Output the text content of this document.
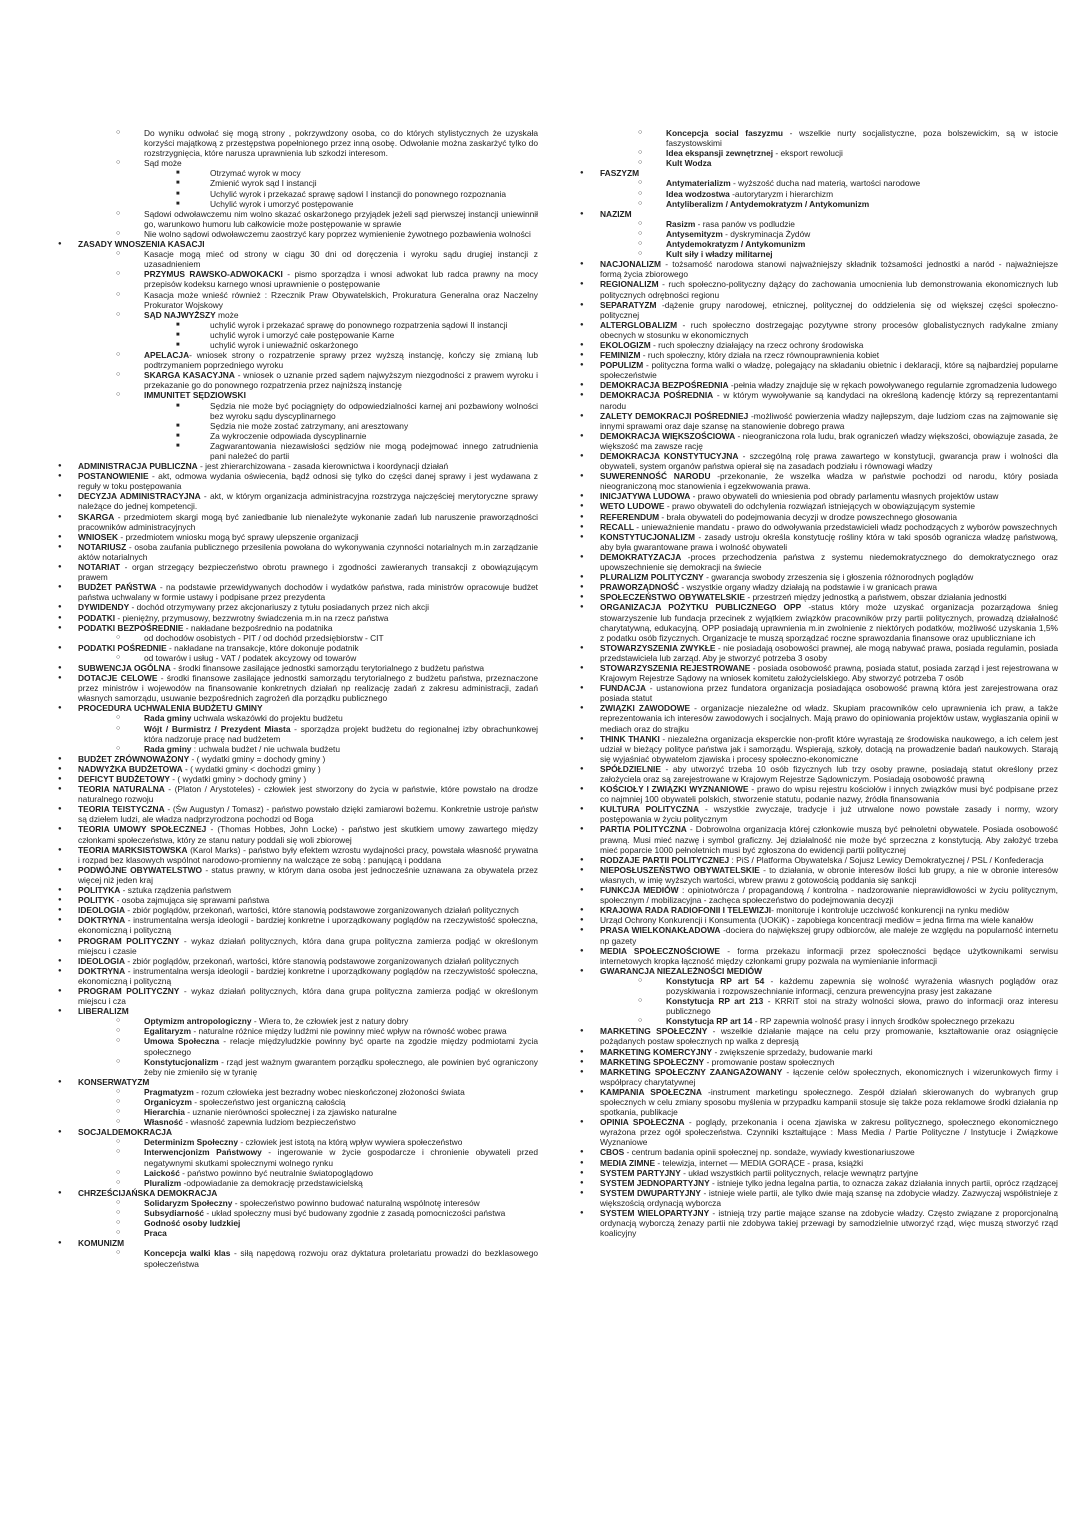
○ Do wyniku odwołać się mogą strony , pokrzywdzony osoba, co do których stylistycznych że uzyskała korzyści majątkową z przestępstwa popełnionego przez inną osobę. Odwołanie można zaskarżyć tylko do rozstrzygnięcia, które narusza uprawnienia lub szkodzi interesom.
○ Sąd może
■ Otrzymać wyrok w mocy
■ Zmienić wyrok sąd I instancji
■ Uchylić wyrok i przekazać sprawę sądowi I instancji do ponownego rozpoznania
■ Uchylić wyrok i umorzyć postępowanie
○ Sądowi odwoławczemu nim wolno skazać oskarżonego przyjądek jeżeli sąd pierwszej instancji uniewinnił go, warunkowo humoru lub całkowicie może postępowanie w sprawie
○ Nie wolno sądowi odwoławczemu zaostrzyć kary poprzez wymienienie żywotnego pozbawienia wolności
● ZASADY WNOSZENIA KASACJI
○ Kasacje mogą mieć od strony w ciągu 30 dni od doręczenia i wyroku sądu drugiej instancji z uzasadnieniem
○ PRZYMUS RAWSKO-ADWOKACKI - pismo sporządza i wnosi adwokat lub radca prawny na mocy przepisów kodeksu karnego wnosi uprawnienie o postępowanie
○ Kasacja może wnieść również : Rzecznik Praw Obywatelskich, Prokuratura Generalna oraz Naczelny Prokurator Wojskowy
○ SĄD NAJWYŻSZY może
■ uchylić wyrok i przekazać sprawę do ponownego rozpatrzenia sądowi II instancji
■ uchylić wyrok i umorzyć całe postępowanie Karne
■ uchylić wyrok i uniewaźnić oskarżonego
○ APELACJA- wniosek strony o rozpatrzenie sprawy przez wyższą instancję, kończy się zmianą lub podtrzymaniem poprzedniego wyroku
○ SKARGA KASACYJNA - wniosek o uznanie przed sądem najwyższym niezgodności z prawem wyroku i przekazanie go do ponownego rozpatrzenia przez najniższą instancję
○ IMMUNITET SĘDZIOWSKI
■ Sędzia nie może być pociągnięty do odpowiedzialności karnej ani pozbawiony wolności bez wyroku sądu dyscyplinarnego
■ Sędzia nie może zostać zatrzymany, ani aresztowany
■ Za wykroczenie odpowiada dyscyplinarnie
■ Zagwarantowania niezawisłości sędziów nie mogą podejmować innego zatrudnienia pani należeć do partii
● ADMINISTRACJA PUBLICZNA - jest zhierarchizowana - zasada kierownictwa i koordynacji działań
● POSTANOWIENIE - akt, odmowa wydania oświecenia, bądź odnosi się tylko do części danej sprawy i jest wydawana z reguły w toku postępowania
● DECYZJA ADMINISTRACYJNA - akt, w którym organizacja administracyjna rozstrzyga najczęściej merytoryczne sprawy należące do jednej kompetencji.
● SKARGA - przedmiotem skargi mogą być zaniedbanie lub nienależyte wykonanie zadań lub naruszenie praworządności pracowników administracyjnych
● WNIOSEK - przedmiotem wniosku mogą być sprawy ulepszenie organizacji
● NOTARIUSZ - osoba zaufania publicznego przesilenia powołana do wykonywania czynności notarialnych m.in zarządzanie aktów notarialnych
● NOTARIAT - organ strzegący bezpieczeństwo obrotu prawnego i zgodności zawieranych transakcji z obowiązującym prawem
● BUDŻET PAŃSTWA - na podstawie przewidywanych dochodów i wydatków państwa, rada ministrów opracowuje budżet państwa uchwalany w formie ustawy i podpisane przez prezydenta
● DYWIDENDY - dochód otrzymywany przez akcjonariuszy z tytułu posiadanych przez nich akcji
● PODATKI - pieniężny, przymusowy, bezzwrotny świadczenia m.in na rzecz państwa
● PODATKI BEZPOŚREDNIE - nakładane bezpośrednio na podatnika
○ od dochodów osobistych - PIT / od dochód przedsiębiorstw - CIT
● PODATKI POŚREDNIE - nakładane na transakcje, które dokonuje podatnik
○ od towarów i usług - VAT / podatek akcyzowy od towarów
● SUBWENCJA OGÓLNA - środki finansowe zasilające jednostki samorządu terytorialnego z budżetu państwa
● DOTACJE CELOWE - środki finansowe zasilające jednostki samorządu terytorialnego z budżetu państwa, przeznaczone przez ministrów i wojewodów na finansowanie konkretnych działań np realizację zadań z zakresu administracji, zadań własnych samorządu, usuwanie bezpośrednich zagrożeń dla porządku publicznego
● PROCEDURA UCHWALENIA BUDŻETU GMINY
○ Rada gminy uchwala wskazówki do projektu budżetu
○ Wójt / Burmistrz / Prezydent Miasta - sporządza projekt budżetu do regionalnej izby obrachunkowej która nadzoruje pracę nad budżetem
○ Rada gminy : uchwala budżet / nie uchwala budżetu
● BUDŻET ZRÓWNOWAŻONY - ( wydatki gminy = dochody gminy )
● NADWYŻKA BUDŻETOWA - ( wydatki gminy < dochodzi gminy )
● DEFICYT BUDŻETOWY - ( wydatki gminy > dochody gminy )
● TEORIA NATURALNA - (Platon / Arystoteles) - człowiek jest stworzony do życia w państwie, które powstało na drodze naturalnego rozwoju
● TEORIA TEISTYCZNA - (Św Augustyn / Tomasz) - państwo powstało dzięki zamiarowi bożemu. Konkretnie ustroje państw są dziełem ludzi, ale władza nadprzyrodzona pochodzi od Boga
● TEORIA UMOWY SPOŁECZNEJ - (Thomas Hobbes, John Locke) - państwo jest skutkiem umowy zawartego między członkami społeczeństwa, który ze stanu natury poddali się woli zbiorowej
● TEORIA MARKSISTOWSKA (Karol Marks) - państwo były efektem wzrostu wydajności pracy, powstała własność prywatna i rozpad bez klasowych wspólnot narodowo-promienny na walczące ze sobą : panującą i poddana
● PODWÓJNE OBYWATELSTWO - status prawny, w którym dana osoba jest jednocześnie uznawana za obywatela przez więcej niż jeden kraj
● POLITYKA - sztuka rządzenia państwem
● POLITYK - osoba zajmująca się sprawami państwa
● IDEOLOGIA - zbiór poglądów, przekonań, wartości, które stanowią podstawowe zorganizowanych działań politycznych
● DOKTRYNA - instrumentalna wersja ideologii - bardziej konkretne i uporządkowany poglądów na rzeczywistość społeczna, ekonomiczną i polityczną
● PROGRAM POLITYCZNY - wykaz działań politycznych, która dana grupa polityczna zamierza podjąć w określonym miejscu i czasie
● IDEOLOGIA - zbiór poglądów, przekonań, wartości, które stanowią podstawowe zorganizowanych działań politycznych
● DOKTRYNA - instrumentalna wersja ideologii - bardziej konkretne i uporządkowany poglądów na rzeczywistość społeczna, ekonomiczną i polityczną
● PROGRAM POLITYCZNY - wykaz działań politycznych, która dana grupa polityczna zamierza podjąć w określonym miejscu i cza
● LIBERALIZM
○ Optymizm antropologiczny - Wiera to, że człowiek jest z natury dobry
○ Egalitaryzm - naturalne różnice między ludźmi nie powinny mieć wpływ na równość wobec prawa
○ Umowa Społeczna - relacje międzyludzkie powinny być oparte na zgodzie między podmiotami życia społecznego
○ Konstytucjonalizm - rząd jest ważnym gwarantem porządku społecznego, ale powinien być ograniczony żeby nie zmieniło się w tyranię
● KONSERWATYZM
○ Pragmatyzm - rozum człowieka jest bezradny wobec nieskończonej złożoności świata
○ Organicyzm - społeczeństwo jest organiczną całością
○ Hierarchia - uznanie nierówności społecznej i za zjawisko naturalne
○ Własność - własność zapewnia ludziom bezpieczeństwo
● SOCJALDEMOKRACJA
○ Determinizm Społeczny - człowiek jest istotą na którą wpływ wywiera społeczeństwo
○ Interwencjonizm Państwowy - ingerowanie w życie gospodarcze i chronienie obywateli przed negatywnymi skutkami społecznymi wolnego rynku
○ Laickość - państwo powinno być neutralnie światopoglądowo
○ Pluralizm -odpowiadanie za demokrację przedstawicielską
● CHRZEŚCIJAŃSKA DEMOKRACJA
○ Solidaryzm Społeczny - społeczeństwo powinno budować naturalną wspólnotę interesów
○ Subsydiarność - układ społeczny musi być budowany zgodnie z zasadą pomocniczości państwa
○ Godność osoby ludzkiej
○ Praca
● KOMUNIZM
○ Koncepcja walki klas - siłą napędową rozwoju oraz dyktatura proletariatu prowadzi do bezklasowego społeczeństwa
○ Koncepcja social faszyzmu - wszelkie nurty socjalistyczne, poza bolszewickim, są w istocie faszystowskimi
○ Idea ekspansji zewnętrznej - eksport rewolucji
○ Kult Wodza
● FASZYZM
○ Antymaterializm - wyższość ducha nad materią, wartości narodowe
○ Idea wodzostwa -autorytaryzm i hierarchizm
○ Antyliberalizm / Antydemokratyzm / Antykomunizm
● NAZIZM
○ Rasizm - rasa panów vs podludzie
○ Antysemityzm - dyskryminacja Żydów
○ Antydemokratyzm / Antykomunizm
○ Kult siły i władzy militarnej
● NACJONALIZM - tożsamość narodowa stanowi najważniejszy składnik tożsamości jednostki a naród - najważniejsze formą życia zbiorowego
● REGIONALIZM - ruch społeczno-polityczny dążący do zachowania umocnienia lub demonstrowania ekonomicznych lub politycznych odrębności regionu
● SEPARATYZM -dążenie grupy narodowej, etnicznej, politycznej do oddzielenia się od większej części społeczno-politycznej
● ALTERGLOBALIZM - ruch społeczno dostrzegając pozytywne strony procesów globalistycznych radykalne zmiany obecnych w stosunku w ekonomicznych
● EKOLOGIZM - ruch społeczny działający na rzecz ochrony środowiska
● FEMINIZM - ruch społeczny, który działa na rzecz równouprawnienia kobiet
● POPULIZM - polityczna forma walki o władzę, polegający na składaniu obietnic i deklaracji, które są najbardziej popularne społeczeństwie
● DEMOKRACJA BEZPOŚREDNIA -pełnia władzy znajduje się w rękach powoływanego regularnie zgromadzenia ludowego
● DEMOKRACJA POŚREDNIA - w którym wywoływanie są kandydaci na określoną kadencję którzy są reprezentantami narodu
● ZALETY DEMOKRACJI POŚREDNIEJ -możliwość powierzenia władzy najlepszym, daje ludziom czas na zajmowanie się innymi sprawami oraz daje szansę na stanowienie dobrego prawa
● DEMOKRACJA WIĘKSZOŚCIOWA - nieograniczona rola ludu, brak ograniczeń władzy większości, obowiązuje zasada, że większość ma zawsze rację
● DEMOKRACJA KONSTYTUCYJNA - szczególną rolę prawa zawartego w konstytucji, gwarancja praw i wolności dla obywateli, system organów państwa opierał się na zasadach podziału i równowagi władzy
● SUWERENNOŚĆ NARODU -przekonanie, że wszelka władza w państwie pochodzi od narodu, który posiada nieograniczoną moc stanowienia i egzekwowania prawa.
● INICJATYWA LUDOWA - prawo obywateli do wniesienia pod obrady parlamentu własnych projektów ustaw
● WETO LUDOWE - prawo obywateli do odchylenia rozwiązań istniejących w obowiązującym systemie
● REFERENDUM - brała obywateli do podejmowania decyzji w drodze powszechnego głosowania
● RECALL - unieważnienie mandatu - prawo do odwoływania przedstawicieli władz pochodzących z wyborów powszechnych
● KONSTYTUCJONALIZM - zasady ustroju określa konstytucję rośliny która w taki sposób ogranicza władzę państwową, aby była gwarantowane prawa i wolność obywateli
● DEMOKRATYZACJA -proces przechodzenia państwa z systemu niedemokratycznego do demokratycznego oraz upowszechnienie się demokracji na świecie
● PLURALIZM POLITYCZNY - gwarancja swobody zrzeszenia się i głoszenia różnorodnych poglądów
● PRAWORZĄDNOŚĆ - wszystkie organy władzy działają na podstawie i w granicach prawa
● SPOŁECZEŃSTWO OBYWATELSKIE - przestrzeń między jednostką a państwem, obszar działania jednostki
● ORGANIZACJA POŻYTKU PUBLICZNEGO OPP -status który może uzyskać organizacja pozarządowa śnieg stowarzyszenie lub fundacja przecinek z wyjątkiem związków pracowników przy partii politycznych, prowadzą działalność charytatywną, edukacyjną. OPP posiadają uprawnienia m.in zwolnienie z niektórych podatków, możliwość uzyskania 1,5% z podatku osób fizycznych. Organizacje te muszą sporządzać roczne sprawozdania finansowe oraz upubliczniane ich
● STOWARZYSZENIA ZWYKŁE - nie posiadają osobowości prawnej, ale mogą nabywać prawa, posiada regulamin, posiada przedstawiciela lub zarząd. Aby je stworzyć potrzeba 3 osoby
● STOWARZYSZENIA REJESTROWANE - posiada osobowość prawną, posiada statut, posiada zarząd i jest rejestrowana w Krajowym Rejestrze Sądowy na wniosek komitetu założycielskiego. Aby stworzyć potrzeba 7 osób
● FUNDACJA - ustanowiona przez fundatora organizacja posiadająca osobowość prawną która jest zarejestrowana oraz posiada statut
● ZWIĄZKI ZAWODOWE - organizacje niezależne od władz. Skupiam pracowników celo uprawnienia ich praw, a także reprezentowania ich interesów zawodowych i socjalnych. Mają prawo do opiniowania projektów ustaw, wygłaszania opinii w mediach oraz do strajku
● THINK THANKI - niezależna organizacja eksperckie non-profit które wyrastają ze środowiska naukowego, a ich celem jest udział w bieżący polityce państwa jak i samorządu. Wspierają, szkoły, dotacją na prowadzenie badań naukowych. Starają się wyjaśniać obywatelom zjawiska i procesy społeczno-ekonomiczne
● SPÓŁDZIELNIE - aby utworzyć trzeba 10 osób fizycznych lub trzy osoby prawne, posiadają statut określony przez założyciela oraz są zarejestrowane w Krajowym Rejestrze Sądowniczym. Posiadają osobowość prawną
● KOŚCIOŁY I ZWIĄZKI WYZNANIOWE - prawo do wpisu rejestru kościołów i innych związków musi być podpisane przez co najmniej 100 obywateli polskich, stworzenie statutu, podanie nazwy, źródła finansowania
● KULTURA POLITYCZNA - wszystkie zwyczaje, tradycje i już utrwalone nowo powstałe zasady i normy, wzory postępowania w życiu politycznym
● PARTIA POLITYCZNA - Dobrowolna organizacja której członkowie muszą być pełnoletni obywatele. Posiada osobowość prawną. Musi mieć nazwę i symbol graficzny. Jej działalność nie może być sprzeczna z konstytucją. Aby założyć trzeba mieć poparcie 1000 pełnoletnich musi być zgłoszona do ewidencji partii politycznej
● RODZAJE PARTII POLITYCZNEJ : PiS / Platforma Obywatelska / Sojusz Lewicy Demokratycznej / PSL / Konfederacja
● NIEPOSŁUSZEŃSTWO OBYWATELSKIE - to działania, w obronie interesów ilości lub grupy, a nie w obronie interesów własnych, w imię wyższych wartości, wbrew prawu z gotowością poddania się sankcji
● FUNKCJA MEDIÓW : opiniotwórcza / propagandową / kontrolna - nadzorowanie nieprawidłowości w życiu politycznym, społecznym / mobilizacyjna - zachęca społeczeństwo do podejmowania decyzji
● KRAJOWA RADA RADIOFONII I TELEWIZJI- monitoruje i kontroluje uczciwość konkurencji na rynku mediów
● Urząd Ochrony Konkurencji i Konsumenta (UOKiK) - zapobiega koncentracji mediów = jedna firma ma wiele kanałów
● PRASA WIELKONAKŁADOWA -dociera do największej grupy odbiorców, ale maleje ze względu na popularność internetu np gazety
● MEDIA SPOŁECZNOŚCIOWE - forma przekazu informacji przez społeczności będące użytkownikami serwisu internetowych kropka łączność między członkami grupy pozwala na wymienianie informacji
● GWARANCJA NIEZALEŻNOŚCI MEDIÓW
○ Konstytucja RP art 54 - każdemu zapewnia się wolność wyrażenia własnych poglądów oraz pozyskiwania i rozpowszechnianie informacji, cenzura prewencyjna prasy jest zakazane
○ Konstytucja RP art 213 - KRRiT stoi na straży wolności słowa, prawo do informacji oraz interesu publicznego
○ Konstytucja RP art 14 - RP zapewnia wolność prasy i innych środków społecznego przekazu
● MARKETING SPOŁECZNY - wszelkie działanie mające na celu przy promowanie, kształtowanie oraz osiągnięcie pożądanych postaw społecznych np walka z depresją
● MARKETING KOMERCYJNY - zwiększenie sprzedaży, budowanie marki
● MARKETING SPOŁECZNY - promowanie postaw społecznych
● MARKETING SPOŁECZNY ZAANGAŻOWANY - łączenie celów społecznych, ekonomicznych i wizerunkowych firmy i współpracy charytatywnej
● KAMPANIA SPOŁECZNA -instrument marketingu społecznego. Zespół działań skierowanych do wybranych grup społecznych w celu zmiany sposobu myślenia w przypadku kampanii stosuje się także poza reklamowe środki działania np spotkania, publikacje
● OPINIA SPOŁECZNA - poglądy, przekonania i ocena zjawiska w zakresu politycznego, społecznego ekonomicznego wyrażona przez ogół społeczeństwa. Czynniki kształtujące : Mass Media / Partie Polityczne / Instytucje i Związkowe Wyznaniowe
● CBOS - centrum badania opinii społecznej np. sondaże, wywiady kwestionariuszowe
● MEDIA ZIMNE - telewizja, internet — MEDIA GORĄCE - prasa, książki
● SYSTEM PARTYJNY - układ wszystkich partii politycznych, relacje wewnątrz partyjne
● SYSTEM JEDNOPARTYJNY - istnieje tylko jedna legalna partia, to oznacza zakaz działania innych partii, oprócz rządzącej
● SYSTEM DWUPARTYJNY - istnieje wiele partii, ale tylko dwie mają szansę na zdobycie władzy. Zazwyczaj współistnieje z większością ordynacją wyborcza
● SYSTEM WIELOPARTYJNY - istnieją trzy partie mające szanse na zdobycie władzy. Często związane z proporcjonalną ordynacją wyborczą żenazy partii nie zdobywa takiej przewagi by samodzielnie utworzyć rząd, więc muszą stworzyć rząd koalicyjny
